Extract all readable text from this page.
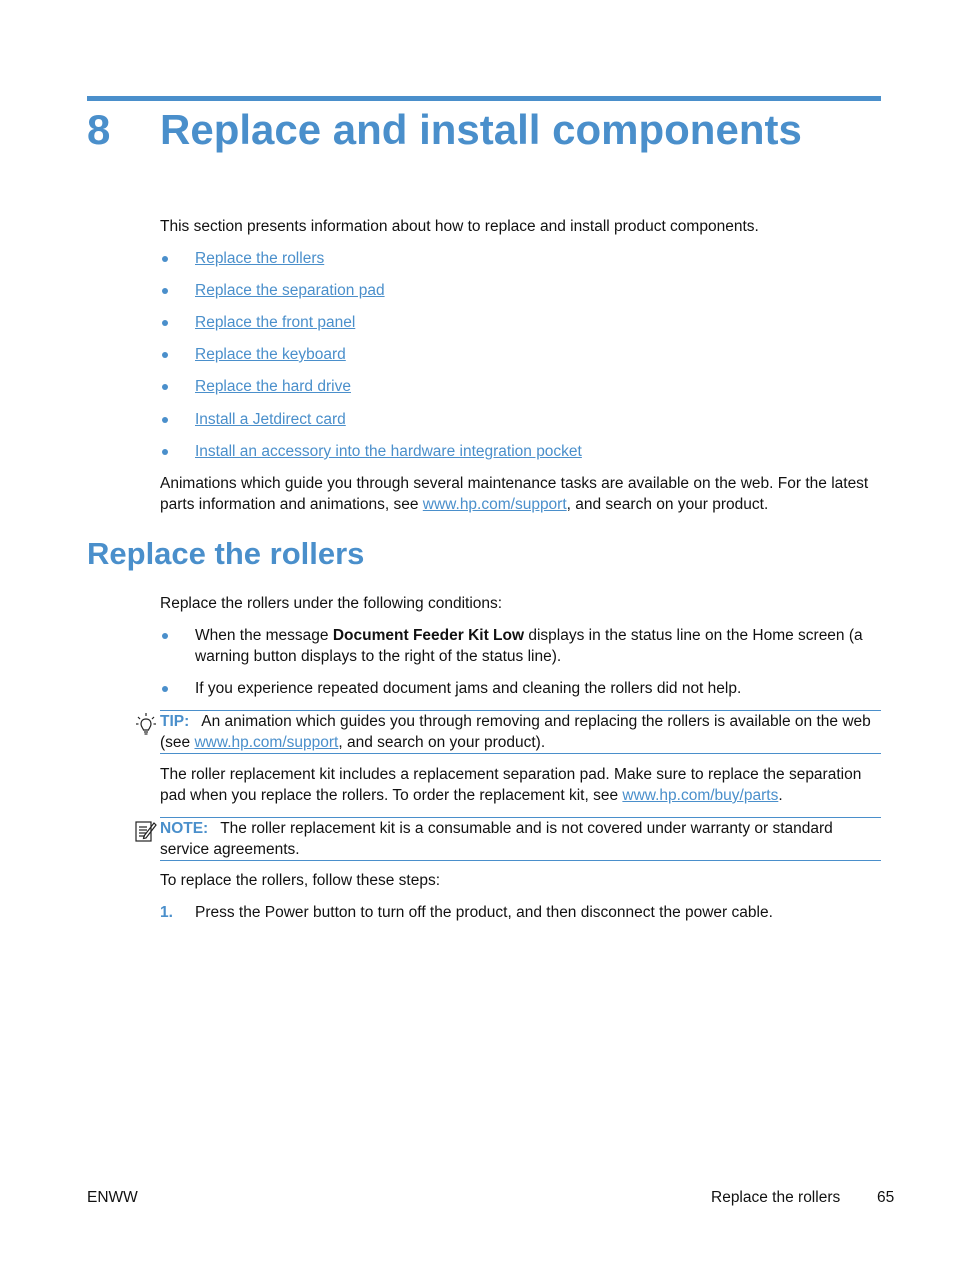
8 Replace and install components
This section presents information about how to replace and install product components.
Replace the rollers
Replace the separation pad
Replace the front panel
Replace the keyboard
Replace the hard drive
Install a Jetdirect card
Install an accessory into the hardware integration pocket
Animations which guide you through several maintenance tasks are available on the web. For the latest parts information and animations, see www.hp.com/support, and search on your product.
Replace the rollers
Replace the rollers under the following conditions:
When the message Document Feeder Kit Low displays in the status line on the Home screen (a warning button displays to the right of the status line).
If you experience repeated document jams and cleaning the rollers did not help.
TIP: An animation which guides you through removing and replacing the rollers is available on the web (see www.hp.com/support, and search on your product).
The roller replacement kit includes a replacement separation pad. Make sure to replace the separation pad when you replace the rollers. To order the replacement kit, see www.hp.com/buy/parts.
NOTE: The roller replacement kit is a consumable and is not covered under warranty or standard service agreements.
To replace the rollers, follow these steps:
1. Press the Power button to turn off the product, and then disconnect the power cable.
ENWW	Replace the rollers 65
